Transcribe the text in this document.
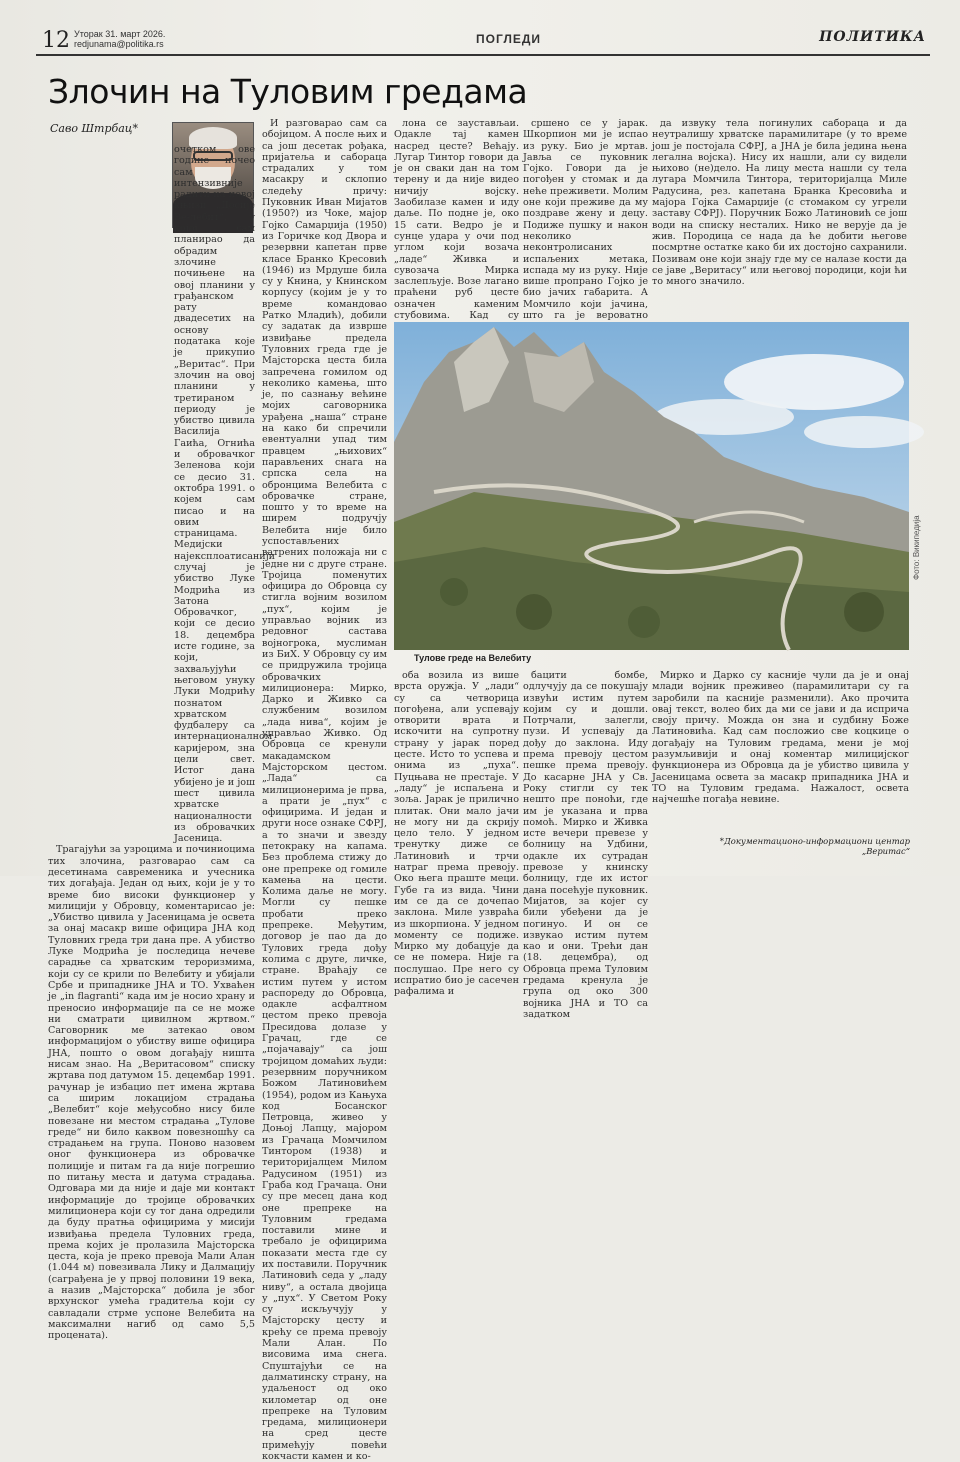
12 Уторак 31. март 2026.
redjunama@politika.rs	ПОГЛЕДИ	ПОЛИТИКА
Злочин на Туловим гредама
Саво Штрбац*

очетком ове године почео сам интензивније радити на новој књизи „Досије Ве-лебит“, у којој сам планирао да обрадим злочине почињене на овој планини у грађанском рату двадесетих на основу података које је прикупио „Веритас“. При злочин на овој планини у третираном периоду је убиство цивила Василија Гаића, Огнића и обровачког Зеленова који се десио 31. октобра 1991. о којем сам писао и на овим страницама. Медијски најексплоатисанији случај је убиство Луке Модрића из Затона Обровачког, који се десио 18. децембра исте године, за који, захваљујући његовом унуку Луки Модрићу познатом хрватском фудбалеру са интернационалном каријером, зна цели свет. Истог дана убијено је и још шест цивила хрватске националности из обровачких Јасеница.

Трагајући за узроцима и починиоцима тих злочина, разговарао сам са десетинама савременика и учесника тих догађаја. Један од њих, који је у то време био високи функционер у милицији у Обровцу, коментарисао је: „Убиство цивила у Јасеницама је осветa за онај масакр више официра ЈНА код Туловних греда три дана пре. А убиство Луке Модрића је последица нечеве сарадње са хрватским тероризмима, који су се крили по Велебиту и убијали Србе и припаднике ЈНА и ТО. Ухваћен је „in flagranti“ када им је носио храну и преносио информације па се не може ни сматрати цивилном жртвом.“ Саговорник ме затекао овом информацијом о убиству више официра ЈНА, пошто о овом догађају ништа нисам знао. На „Веритасовом“ списку жртава под датумом 15. децембар 1991. рачунар је избацио пет имена жртава са ширим локацијом страдања „Велебит“ које међусобно нису биле повезане ни местом страдања „Тулове греде“ ни било каквом повезношћу са страдањем на групa. Поново назовем оног функционера из обровачке полиције и питам га да није погрешио по питању места и датума страдања. Одговара ми да није и даје ми контакт информације до тројице обровачких милиционера који су тог дана одредили да буду пратња официрима у мисији извиђања предела Туловних греда, према којих је пролазила Мајсторска цеста, која је преко превоја Мали Алан (1.044 м) повезивала Лику и Далмацију (саграђена је у првој половини 19 века, а назив „Мајсторска“ добила је због врхунског умећа градитеља који су савладали стрме успоне Велебита на максимални нагиб од само 5,5 процената).

И разговарао сам са обојицом. А после њих и са још десетак рођака, пријатеља и сабораца страдалих у том масакру и склопио следећу причу: Пуковник Иван Мијатов (1950?) из Чоке, мајор Гојко Самарџија (1950) из Горичке код Двора и резервни капетан прве класе Бранко Кресовић (1946) из Мрдуше била су у Книна, у Книнском корпусу (којим је у то време командовао Ратко Младић), добили су задатак да изврше извиђање предела Туловних греда где је Мајсторска цеста била запречена гомилом од неколико камења, што је, по сазнању већине мојих саговорника урађена „наша“ стране на како би спречили евентуални упад тим правцем „њихових“ парављених снага на српска села на обронцима Велебита с обровачке стране, пошто у то време на ширем подручју Велебита није било успостављених ватрених положаја ни с једне ни с друге стране. Тројица поменутих официра до Обровца су стигла војним возилом „пух“, којим је управљао војник из редовног састава војногрoка, муслиман из БиХ. У Обровцу су им се придружила тројица обровачких милиционера: Мирко, Дарко и Живко са службеним возилом „лада нива“, којим је управљао Живко. Од Обровца се кренули макадамском Мајсторском цестом. „Лада“ са милиционерима је прва, а прати је „пух“ с официрима. И један и други носе ознаке СФРЈ, а то значи и звезду петокраку на капама. Без проблема стижу до оне препреке од гомиле камења на цести. Колима даље не могу. Могли су пешке пробати преко препреке. Међутим, договор је пао да до Туловиx греда дођу колима с друге, личке, стране. Враћају се истим путем у истом распореду до Обровца, одакле асфалтном цестом преко превоја Пресидова долазе у Грачац, где се „појачавају“ са још тројицом домаћих људи: резервним поручником Божом Латиновићем (1954), родом из Кањуха код Босанског Петровца, живео у Доњој Лапцу, мајором из Грачаца Момчилом Тинтором (1938) и територијалцем Милом Радусином (1951) из Граба код Грачаца. Они су пре месец дана код оне препреке на Туловним гредама поставили мине и требало је официрима показати места где су их поставили. Поручник Латиновић седа у „ладу ниву“, а остала двојица у „пух“. У Светом Року су искључују у Мајсторску цесту и крећу се према превоју Мали Алан. По висовима има снега. Спуштајући се на далматинску страну, на удаљеност од око километар од оне препреке на Туловим гредама, милиционери на сред цесте примећују повећи кокчасти камен и ко-

лона се заустављаи. Одакле тај камен насред цесте? Већају. Лугар Тинтор говори да је он сваки дан на том терену и да није видео ничију војску. Заобилазе камен и иду даље. По подне је, око 15 сати. Ведро је и сунце удара у очи под углом који возача „ладе“ Живка и сувозача Мирка заслепљује. Возе лагано праћени руб цесте означен каменим стубовима. Кад су

сршено се у јарак. Шкорпион ми је испао из руку. Био је мртав. Јављa се пуковник Гојко. Говори да је погођен у стомак и да неће преживети. Молим оне који преживе да му поздраве жену и децу. Подиже пушку и након неколико неконтролисаних испаљених метака, испада му из руку. Није више пропрано Гојко је био јачих габарита. А Момчило који јачина, што га је вероватно

да извуку тела погинулих сабораца и да неутралишу хрватске парамилитаре (у то време још је постојала СФРЈ, а ЈНА је била једина њена легална војска). Нису их нашли, али су видели њихово (не)дело. На лицу места нашли су тела лугара Момчила Тинтора, територијалца Миле Радусина, рез. капетана Бранка Кресовића и мајора Гојка Самарџије (с стомаком су угрели заставу СФРЈ). Поручник Божо Латиновић се још води на списку несталих. Нико не верује да је жив. Породица се нада да ће добити његове посмртне остатке како би их достојно сахранили. Позивам оне који знају где му се налазе кости да се јаве „Веритасу“ или његовој породици, који ћи то много значило.

Фото: Википедија
Тулове греде на Велебиту

оба возила из више врста оружја. У „лади“ су са четворица погођена, али успевају отворити врата и искочити на супротну страну у јарак поред цесте. Исто то успева и онима из „пуха“. Пуцњава не престаје. У „ладу“ је испаљена и зоља. Јарак је прилично плитак. Они мало јачи не могу ни да скрију цело тело. У једном тренутку диже се Латиновић и трчи натраг према превоју. Око њега праште меци. Губе га из вида. Чини им се да се дочепао заклона. Миле узвраћа из шкорпиона. У једном моменту се подиже. Мирко му добацује да се не помера. Није га послушао. Пре него су испратио био је сасечен рафалима и

бацити бомбе, одлучују да се покушају извући истим путем којим су и дошли. Потрчали, залегли, пузи. И успевају да дођу до заклона. Иду према превоју цестом пешке према превоју. До касарне ЈНА у Св. Року стигли су тек нешто пре поноћи, где им је указана и прва помоћ. Мирко и Живка исте вечери превезе у болницу на Удбини, одакле их сутрадан превозе у книнску болницу, где их истог дана посећује пуковник. Мијатов, за којег су били убеђени да је погинуо. И он се извукао истим путем као и они. Трећи дан (18. децембра), од Обровца према Туловим гредама кренула је група од око 300 војника ЈНА и ТО са задатком

Мирко и Дарко су касније чули да је и онај млади војник преживео (парамилитари су га заробили па касније разменили). Ако прочита овај текст, волео бих да ми се јави и да исприча своју причу. Можда он зна и судбину Боже Латиновића. Кад сам посложио све коцкице о догађају на Туловим гредама, мени је мој разумљивији и онај коментар милицијског функционера из Обровца да је убиство цивила у Јасеницама освета за масакр припадника ЈНА и ТО на Туловим гредама. Нажалост, освета најчешће погађа невине.

*Документационо-информациони центар „Веритас“
